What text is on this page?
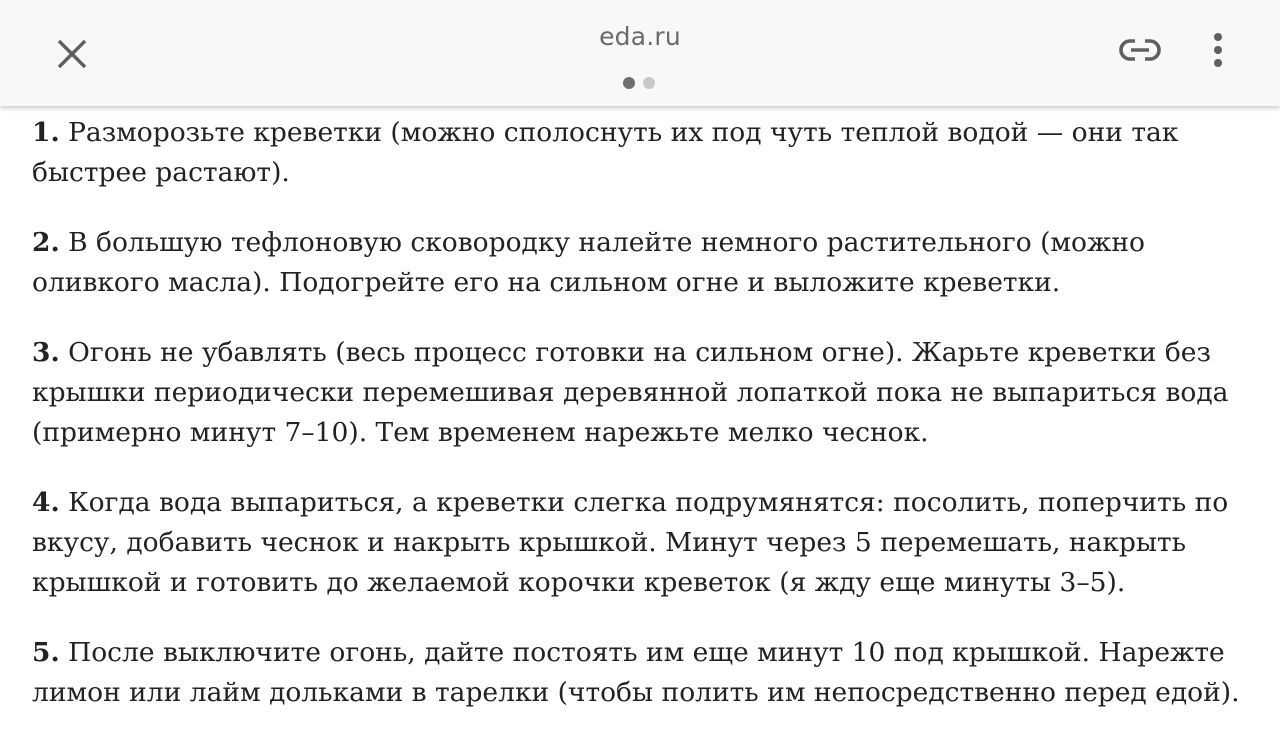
eda.ru

1. Разморозьте креветки (можно сполоснуть их под чуть теплой водой — они так
быстрее растают).

2. В большую тефлоновую сковородку налейте немного растительного (можно
оливкого масла). Подогрейте его на сильном огне и выложите креветки.

3. Огонь не убавлять (весь процесс готовки на сильном огне). Жарьте креветки без
крышки периодически перемешивая деревянной лопаткой пока не выпариться вода
(примерно минут 7–10). Тем временем нарежьте мелко чеснок.

4. Когда вода выпариться, а креветки слегка подрумянятся: посолить, поперчить по
вкусу, добавить чеснок и накрыть крышкой. Минут через 5 перемешать, накрыть
крышкой и готовить до желаемой корочки креветок (я жду еще минуты 3–5).

5. После выключите огонь, дайте постоять им еще минут 10 под крышкой. Нарежте
лимон или лайм дольками в тарелки (чтобы полить им непосредственно перед едой).
